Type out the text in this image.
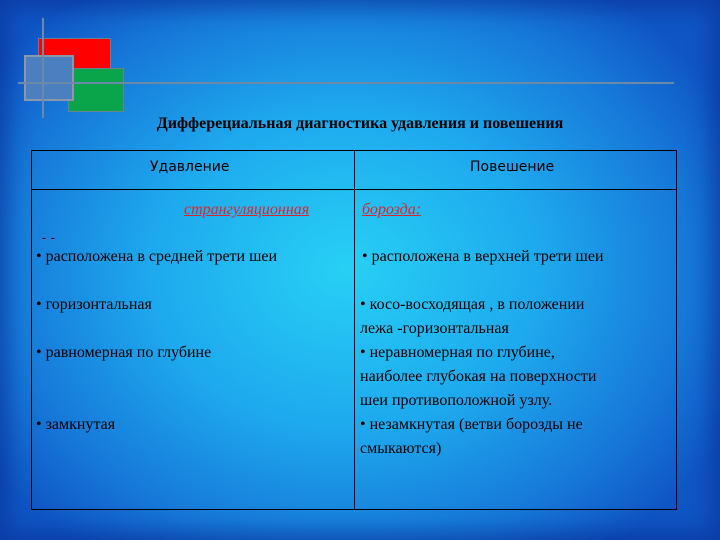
Дифферециальная диагностика удавления и повешения
Удавление	Повешение
странгуляционная	борозда:
--
• расположена в средней трети шеи
• горизонтальная
• равномерная по глубине
• замкнутая
• расположена в верхней трети шеи
• косо-восходящая , в положении
лежа -горизонтальная
• неравномерная по глубине,
наиболее глубокая на поверхности
шеи противоположной узлу.
• незамкнутая (ветви борозды не
смыкаются)
